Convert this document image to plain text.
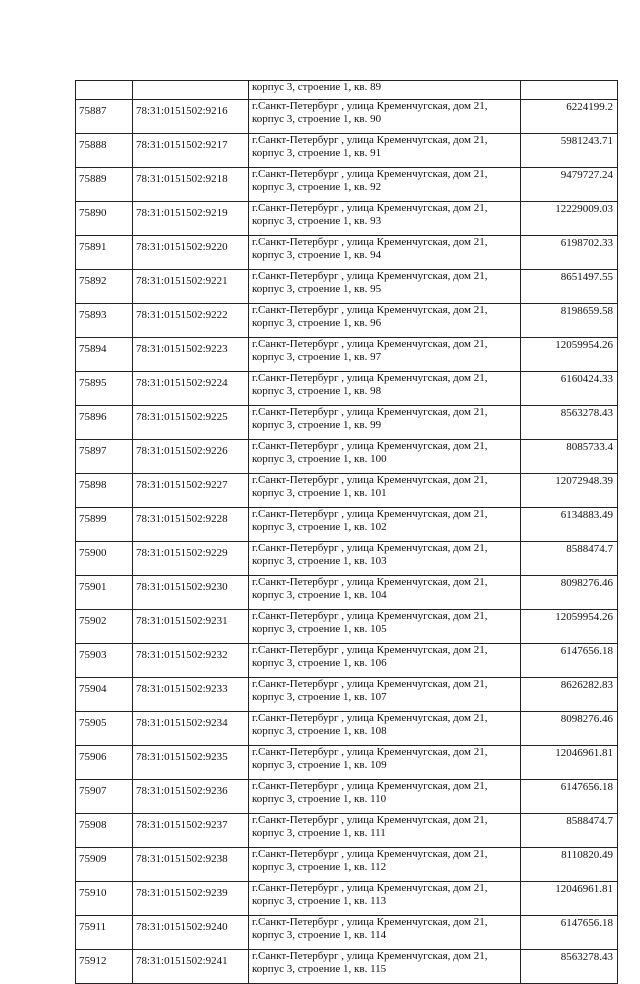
		корпус 3, строение 1, кв. 89	

75887	78:31:0151502:9216	г.Санкт-Петербург , улица Кременчугская, дом 21,
корпус 3, строение 1, кв. 90	6224199.2
75888	78:31:0151502:9217	г.Санкт-Петербург , улица Кременчугская, дом 21,
корпус 3, строение 1, кв. 91	5981243.71
75889	78:31:0151502:9218	г.Санкт-Петербург , улица Кременчугская, дом 21,
корпус 3, строение 1, кв. 92	9479727.24
75890	78:31:0151502:9219	г.Санкт-Петербург , улица Кременчугская, дом 21,
корпус 3, строение 1, кв. 93	12229009.03
75891	78:31:0151502:9220	г.Санкт-Петербург , улица Кременчугская, дом 21,
корпус 3, строение 1, кв. 94	6198702.33
75892	78:31:0151502:9221	г.Санкт-Петербург , улица Кременчугская, дом 21,
корпус 3, строение 1, кв. 95	8651497.55
75893	78:31:0151502:9222	г.Санкт-Петербург , улица Кременчугская, дом 21,
корпус 3, строение 1, кв. 96	8198659.58
75894	78:31:0151502:9223	г.Санкт-Петербург , улица Кременчугская, дом 21,
корпус 3, строение 1, кв. 97	12059954.26
75895	78:31:0151502:9224	г.Санкт-Петербург , улица Кременчугская, дом 21,
корпус 3, строение 1, кв. 98	6160424.33
75896	78:31:0151502:9225	г.Санкт-Петербург , улица Кременчугская, дом 21,
корпус 3, строение 1, кв. 99	8563278.43
75897	78:31:0151502:9226	г.Санкт-Петербург , улица Кременчугская, дом 21,
корпус 3, строение 1, кв. 100	8085733.4
75898	78:31:0151502:9227	г.Санкт-Петербург , улица Кременчугская, дом 21,
корпус 3, строение 1, кв. 101	12072948.39
75899	78:31:0151502:9228	г.Санкт-Петербург , улица Кременчугская, дом 21,
корпус 3, строение 1, кв. 102	6134883.49
75900	78:31:0151502:9229	г.Санкт-Петербург , улица Кременчугская, дом 21,
корпус 3, строение 1, кв. 103	8588474.7
75901	78:31:0151502:9230	г.Санкт-Петербург , улица Кременчугская, дом 21,
корпус 3, строение 1, кв. 104	8098276.46
75902	78:31:0151502:9231	г.Санкт-Петербург , улица Кременчугская, дом 21,
корпус 3, строение 1, кв. 105	12059954.26
75903	78:31:0151502:9232	г.Санкт-Петербург , улица Кременчугская, дом 21,
корпус 3, строение 1, кв. 106	6147656.18
75904	78:31:0151502:9233	г.Санкт-Петербург , улица Кременчугская, дом 21,
корпус 3, строение 1, кв. 107	8626282.83
75905	78:31:0151502:9234	г.Санкт-Петербург , улица Кременчугская, дом 21,
корпус 3, строение 1, кв. 108	8098276.46
75906	78:31:0151502:9235	г.Санкт-Петербург , улица Кременчугская, дом 21,
корпус 3, строение 1, кв. 109	12046961.81
75907	78:31:0151502:9236	г.Санкт-Петербург , улица Кременчугская, дом 21,
корпус 3, строение 1, кв. 110	6147656.18
75908	78:31:0151502:9237	г.Санкт-Петербург , улица Кременчугская, дом 21,
корпус 3, строение 1, кв. 111	8588474.7
75909	78:31:0151502:9238	г.Санкт-Петербург , улица Кременчугская, дом 21,
корпус 3, строение 1, кв. 112	8110820.49
75910	78:31:0151502:9239	г.Санкт-Петербург , улица Кременчугская, дом 21,
корпус 3, строение 1, кв. 113	12046961.81
75911	78:31:0151502:9240	г.Санкт-Петербург , улица Кременчугская, дом 21,
корпус 3, строение 1, кв. 114	6147656.18
75912	78:31:0151502:9241	г.Санкт-Петербург , улица Кременчугская, дом 21,
корпус 3, строение 1, кв. 115	8563278.43
